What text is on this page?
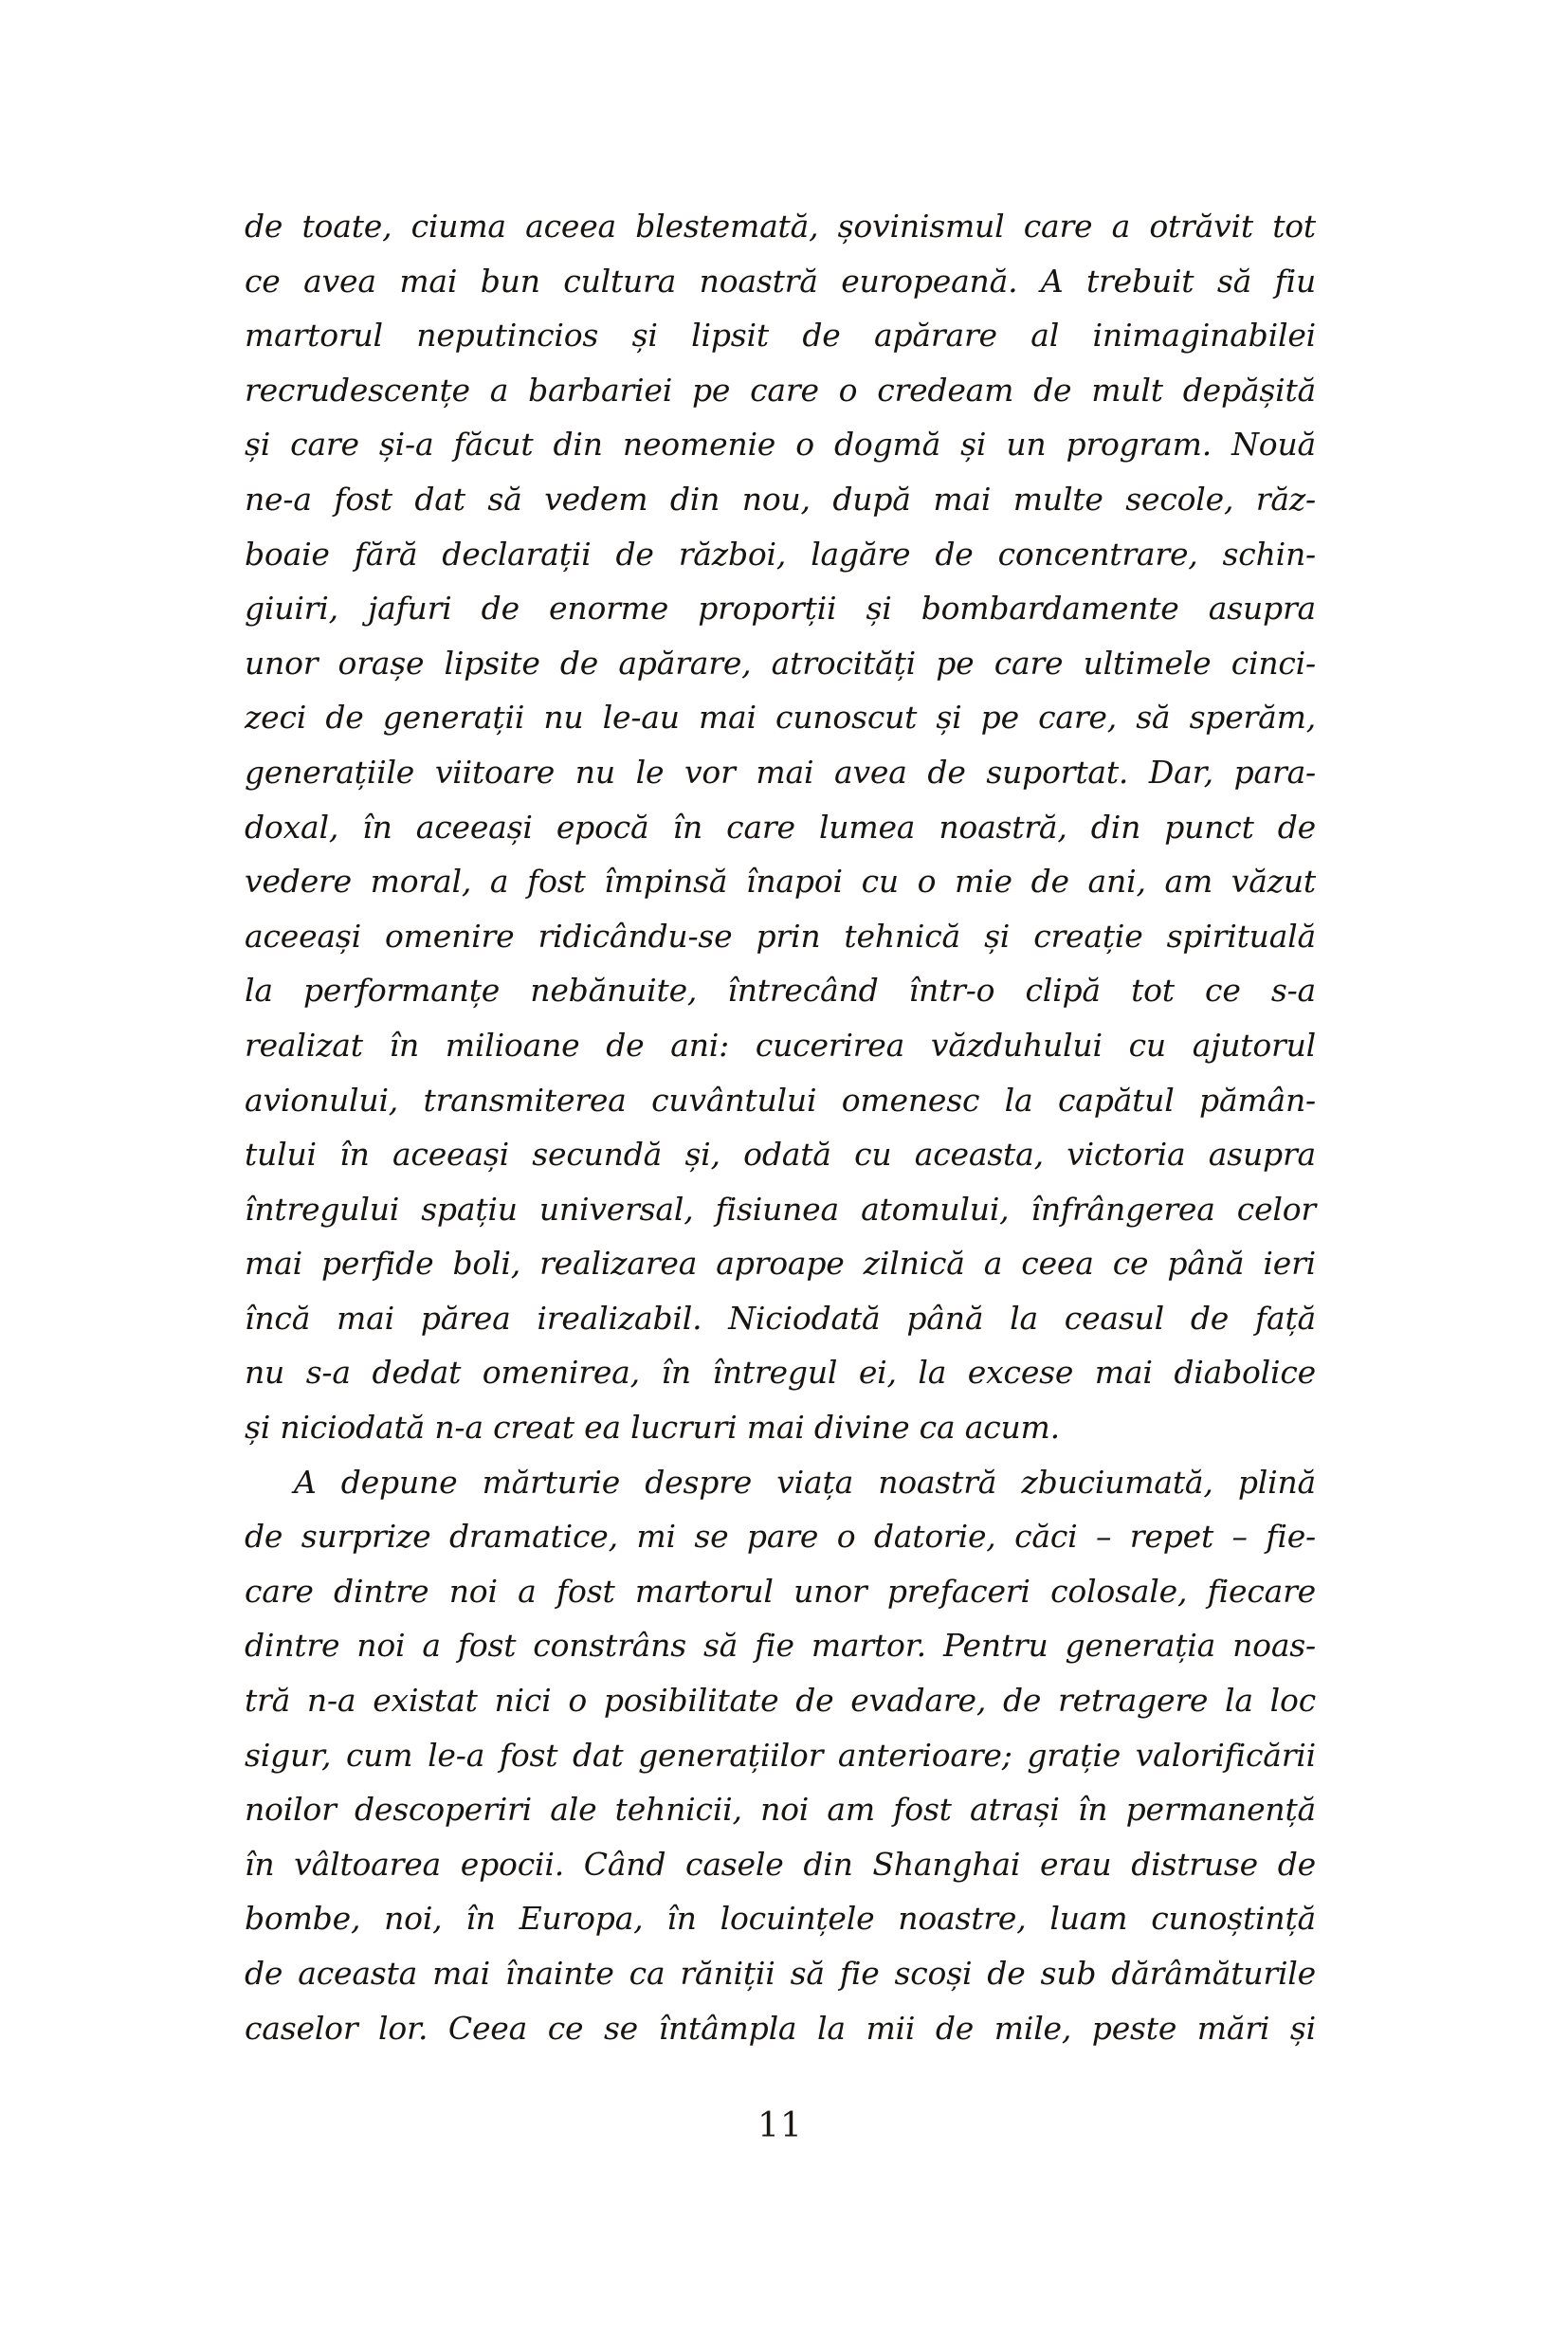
de toate, ciuma aceea blestemată, șovinismul care a otrăvit tot
ce avea mai bun cultura noastră europeană. A trebuit să fiu
martorul neputincios și lipsit de apărare al inimaginabilei
recrudescențe a barbariei pe care o credeam de mult depășită
și care și-a făcut din neomenie o dogmă și un program. Nouă
ne-a fost dat să vedem din nou, după mai multe secole, răz-
boaie fără declarații de război, lagăre de concentrare, schin-
giuiri, jafuri de enorme proporții și bombardamente asupra
unor orașe lipsite de apărare, atrocități pe care ultimele cinci-
zeci de generații nu le-au mai cunoscut și pe care, să sperăm,
generațiile viitoare nu le vor mai avea de suportat. Dar, para-
doxal, în aceeași epocă în care lumea noastră, din punct de
vedere moral, a fost împinsă înapoi cu o mie de ani, am văzut
aceeași omenire ridicându-se prin tehnică și creație spirituală
la performanțe nebănuite, întrecând într-o clipă tot ce s-a
realizat în milioane de ani: cucerirea văzduhului cu ajutorul
avionului, transmiterea cuvântului omenesc la capătul pămân-
tului în aceeași secundă și, odată cu aceasta, victoria asupra
întregului spațiu universal, fisiunea atomului, înfrângerea celor
mai perfide boli, realizarea aproape zilnică a ceea ce până ieri
încă mai părea irealizabil. Niciodată până la ceasul de față
nu s-a dedat omenirea, în întregul ei, la excese mai diabolice
și niciodată n-a creat ea lucruri mai divine ca acum.
A depune mărturie despre viața noastră zbuciumată, plină
de surprize dramatice, mi se pare o datorie, căci – repet – fie-
care dintre noi a fost martorul unor prefaceri colosale, fiecare
dintre noi a fost constrâns să fie martor. Pentru generația noas-
tră n-a existat nici o posibilitate de evadare, de retragere la loc
sigur, cum le-a fost dat generațiilor anterioare; grație valorificării
noilor descoperiri ale tehnicii, noi am fost atrași în permanență
în vâltoarea epocii. Când casele din Shanghai erau distruse de
bombe, noi, în Europa, în locuințele noastre, luam cunoștință
de aceasta mai înainte ca răniții să fie scoși de sub dărâmăturile
caselor lor. Ceea ce se întâmpla la mii de mile, peste mări și
11
